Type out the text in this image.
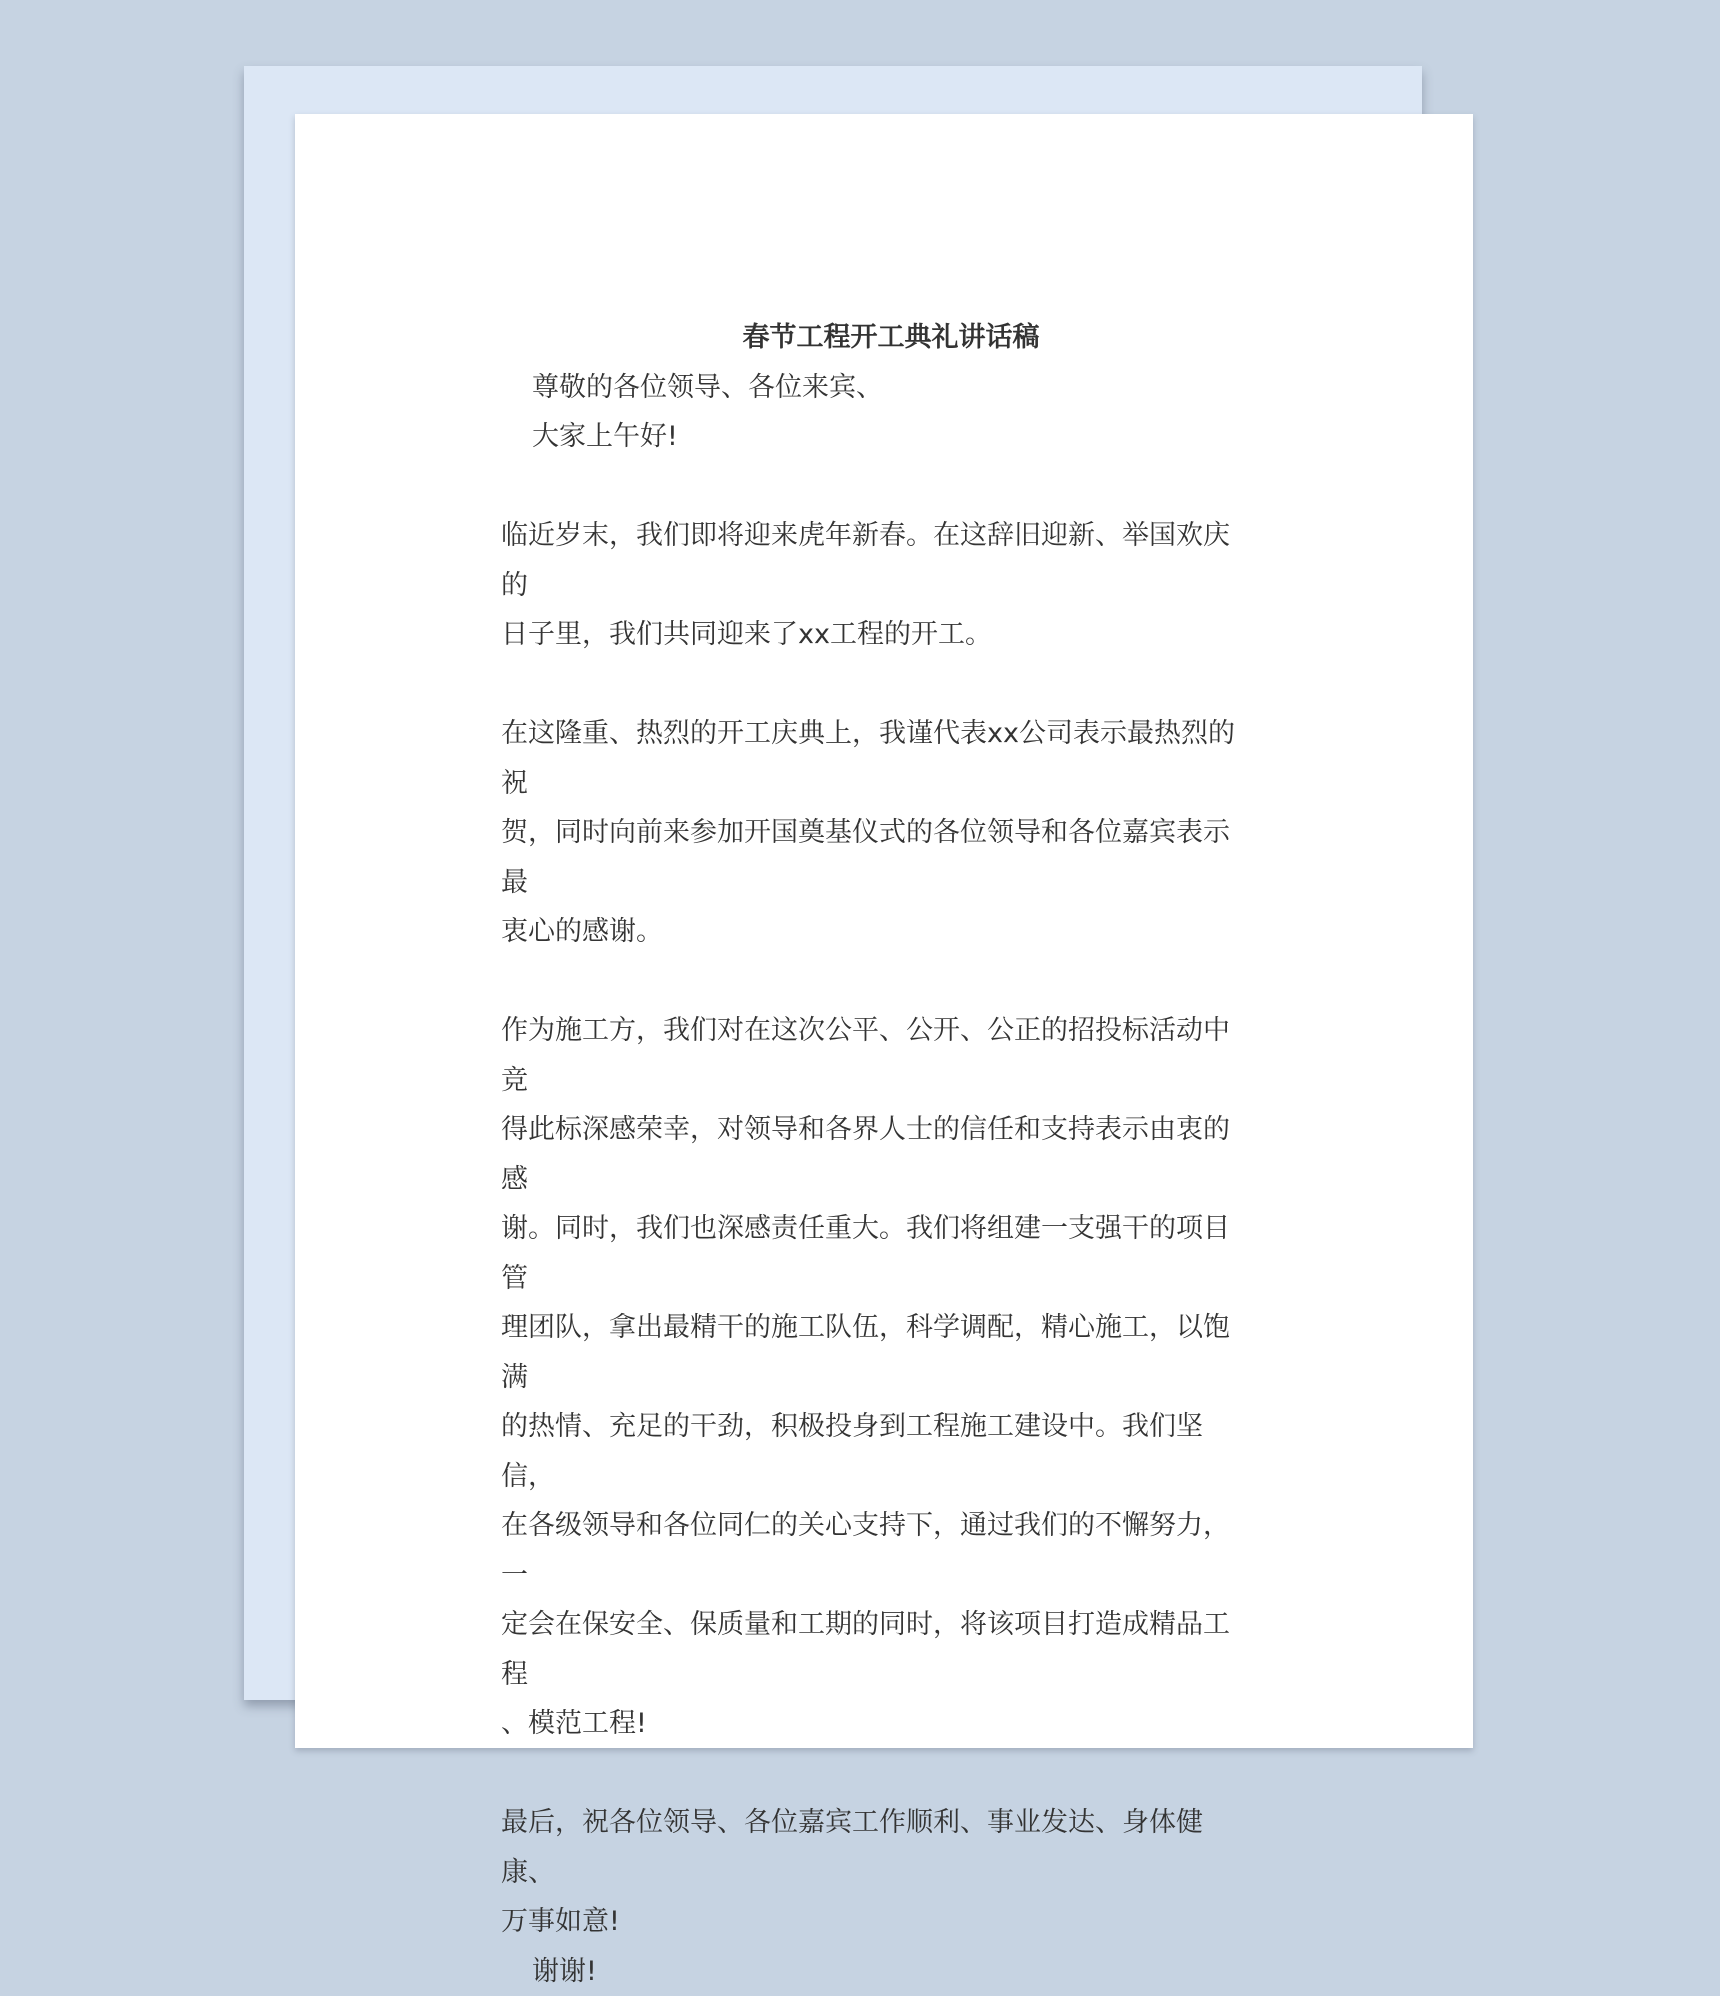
春节工程开工典礼讲话稿
尊敬的各位领导、各位来宾、
大家上午好!
临近岁末，我们即将迎来虎年新春。在这辞旧迎新、举国欢庆的
日子里，我们共同迎来了xx工程的开工。
在这隆重、热烈的开工庆典上，我谨代表xx公司表示最热烈的祝
贺，同时向前来参加开国奠基仪式的各位领导和各位嘉宾表示最
衷心的感谢。
作为施工方，我们对在这次公平、公开、公正的招投标活动中竞
得此标深感荣幸，对领导和各界人士的信任和支持表示由衷的感
谢。同时，我们也深感责任重大。我们将组建一支强干的项目管
理团队，拿出最精干的施工队伍，科学调配，精心施工，以饱满
的热情、充足的干劲，积极投身到工程施工建设中。我们坚信，
在各级领导和各位同仁的关心支持下，通过我们的不懈努力，一
定会在保安全、保质量和工期的同时，将该项目打造成精品工程
、模范工程!
最后，祝各位领导、各位嘉宾工作顺利、事业发达、身体健康、
万事如意!
谢谢!
